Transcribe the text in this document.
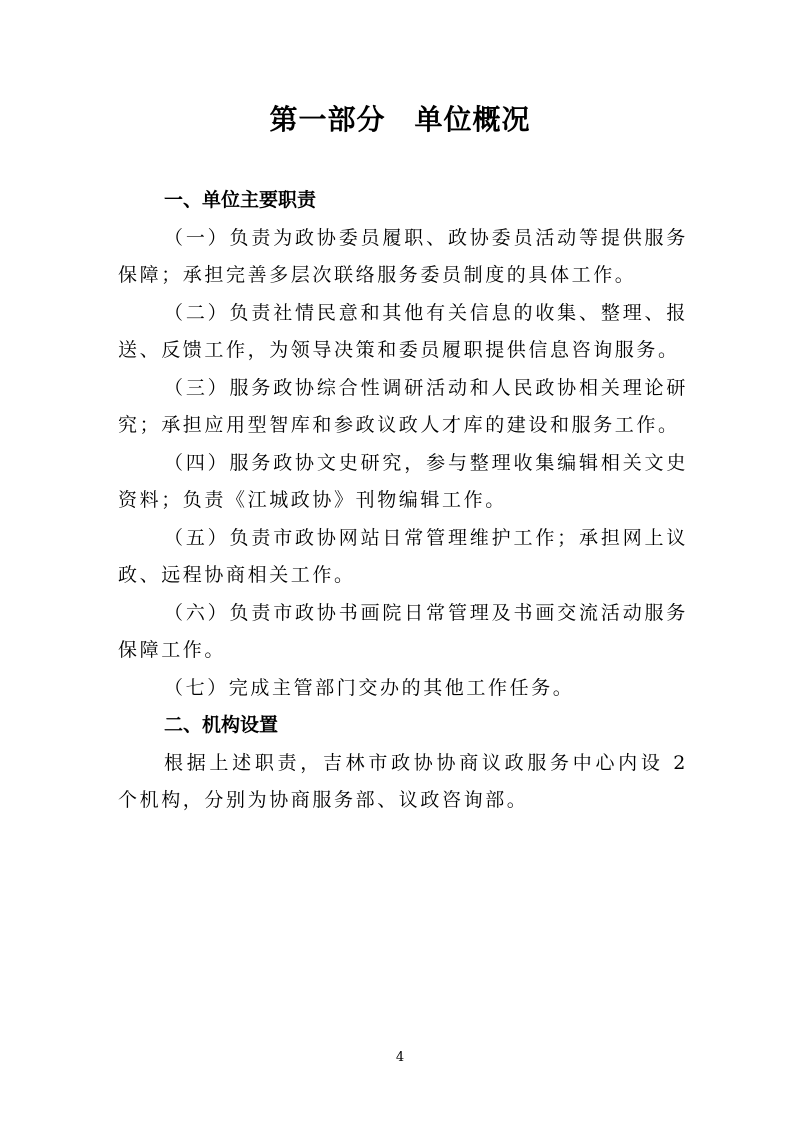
第一部分　单位概况

一、单位主要职责

（一）负责为政协委员履职、政协委员活动等提供服务保障；承担完善多层次联络服务委员制度的具体工作。

（二）负责社情民意和其他有关信息的收集、整理、报送、反馈工作，为领导决策和委员履职提供信息咨询服务。

（三）服务政协综合性调研活动和人民政协相关理论研究；承担应用型智库和参政议政人才库的建设和服务工作。

（四）服务政协文史研究，参与整理收集编辑相关文史资料；负责《江城政协》刊物编辑工作。

（五）负责市政协网站日常管理维护工作；承担网上议政、远程协商相关工作。

（六）负责市政协书画院日常管理及书画交流活动服务保障工作。

（七）完成主管部门交办的其他工作任务。

二、机构设置

根据上述职责，吉林市政协协商议政服务中心内设 2 个机构，分别为协商服务部、议政咨询部。

4
